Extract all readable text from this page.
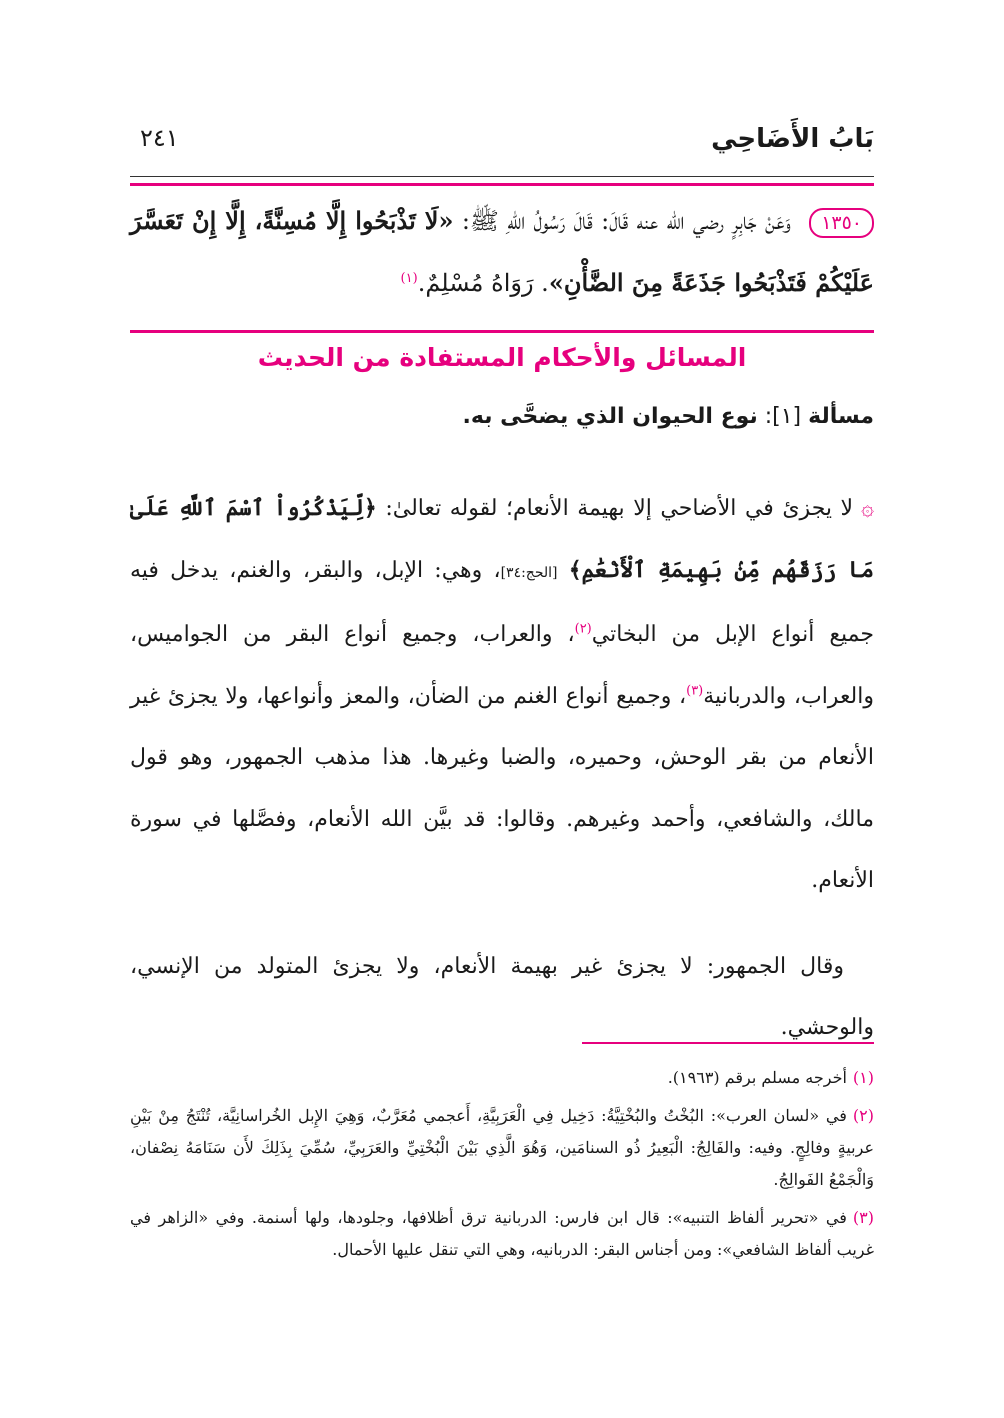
بَابُ الأَضَاحِي
٢٤١
١٣٥٠ وَعَنْ جَابِرٍ رضي الله عنه قَالَ: قَالَ رَسُولُ اللهِ ﷺ: «لَا تَذْبَحُوا إِلَّا مُسِنَّةً، إِلَّا إِنْ تَعَسَّرَ عَلَيْكُمْ فَتَذْبَحُوا جَذَعَةً مِنَ الضَّأْنِ». رَوَاهُ مُسْلِمٌ.$^{(١)}$
المسائل والأحكام المستفادة من الحديث
مسألة [١]: نوع الحيوان الذي يضحَّى به.

۞لا يجزئ في الأضاحي إلا بهيمة الأنعام؛ لقوله تعالىٰ: ﴿لِّيَذْكُرُواْ ٱسْمَ ٱللَّهِ عَلَىٰ مَا رَزَقَهُم مِّنۢ بَهِيمَةِ ٱلْأَنْعَٰمِ﴾ [الحج:٣٤]، وهي: الإبل، والبقر، والغنم، يدخل فيه جميع أنواع الإبل من البخاتي$^{(٢)}$، والعراب، وجميع أنواع البقر من الجواميس، والعراب، والدربانية$^{(٣)}$، وجميع أنواع الغنم من الضأن، والمعز وأنواعها، ولا يجزئ غير الأنعام من بقر الوحش، وحميره، والضبا وغيرها. هذا مذهب الجمهور، وهو قول مالك، والشافعي، وأحمد وغيرهم. وقالوا: قد بيَّن الله الأنعام، وفصَّلها في سورة الأنعام.

وقال الجمهور: لا يجزئ غير بهيمة الأنعام، ولا يجزئ المتولد من الإنسي، والوحشي.

(١)أخرجه مسلم برقم (١٩٦٣).

(٢)في «لسان العرب»: البُخْتُ والبُخْتِيَّةُ: دَخِيل فِي الْعَرَبِيَّةِ، أَعجمي مُعَرَّبٌ، وَهِيَ الإِبل الخُراسانِيَّة، تُنْتَجُ مِنْ بَيْنِ عربيةٍ وفالِجٍ. وفيه: والفَالِجُ: الْبَعِيرُ ذُو السنامَين، وَهُوَ الَّذِي بَيْنَ الْبُخْتِيِّ والعَرَبِيِّ، سُمِّيَ بِذَلِكَ لأَن سَنَامَهُ نِصْفان، وَالْجَمْعُ الفَوالِجُ.

(٣)في «تحرير ألفاظ التنبيه»: قال ابن فارس: الدربانية ترق أظلافها، وجلودها، ولها أسنمة. وفي «الزاهر في غريب ألفاظ الشافعي»: ومن أجناس البقر: الدربانيه، وهي التي تنقل عليها الأحمال.
